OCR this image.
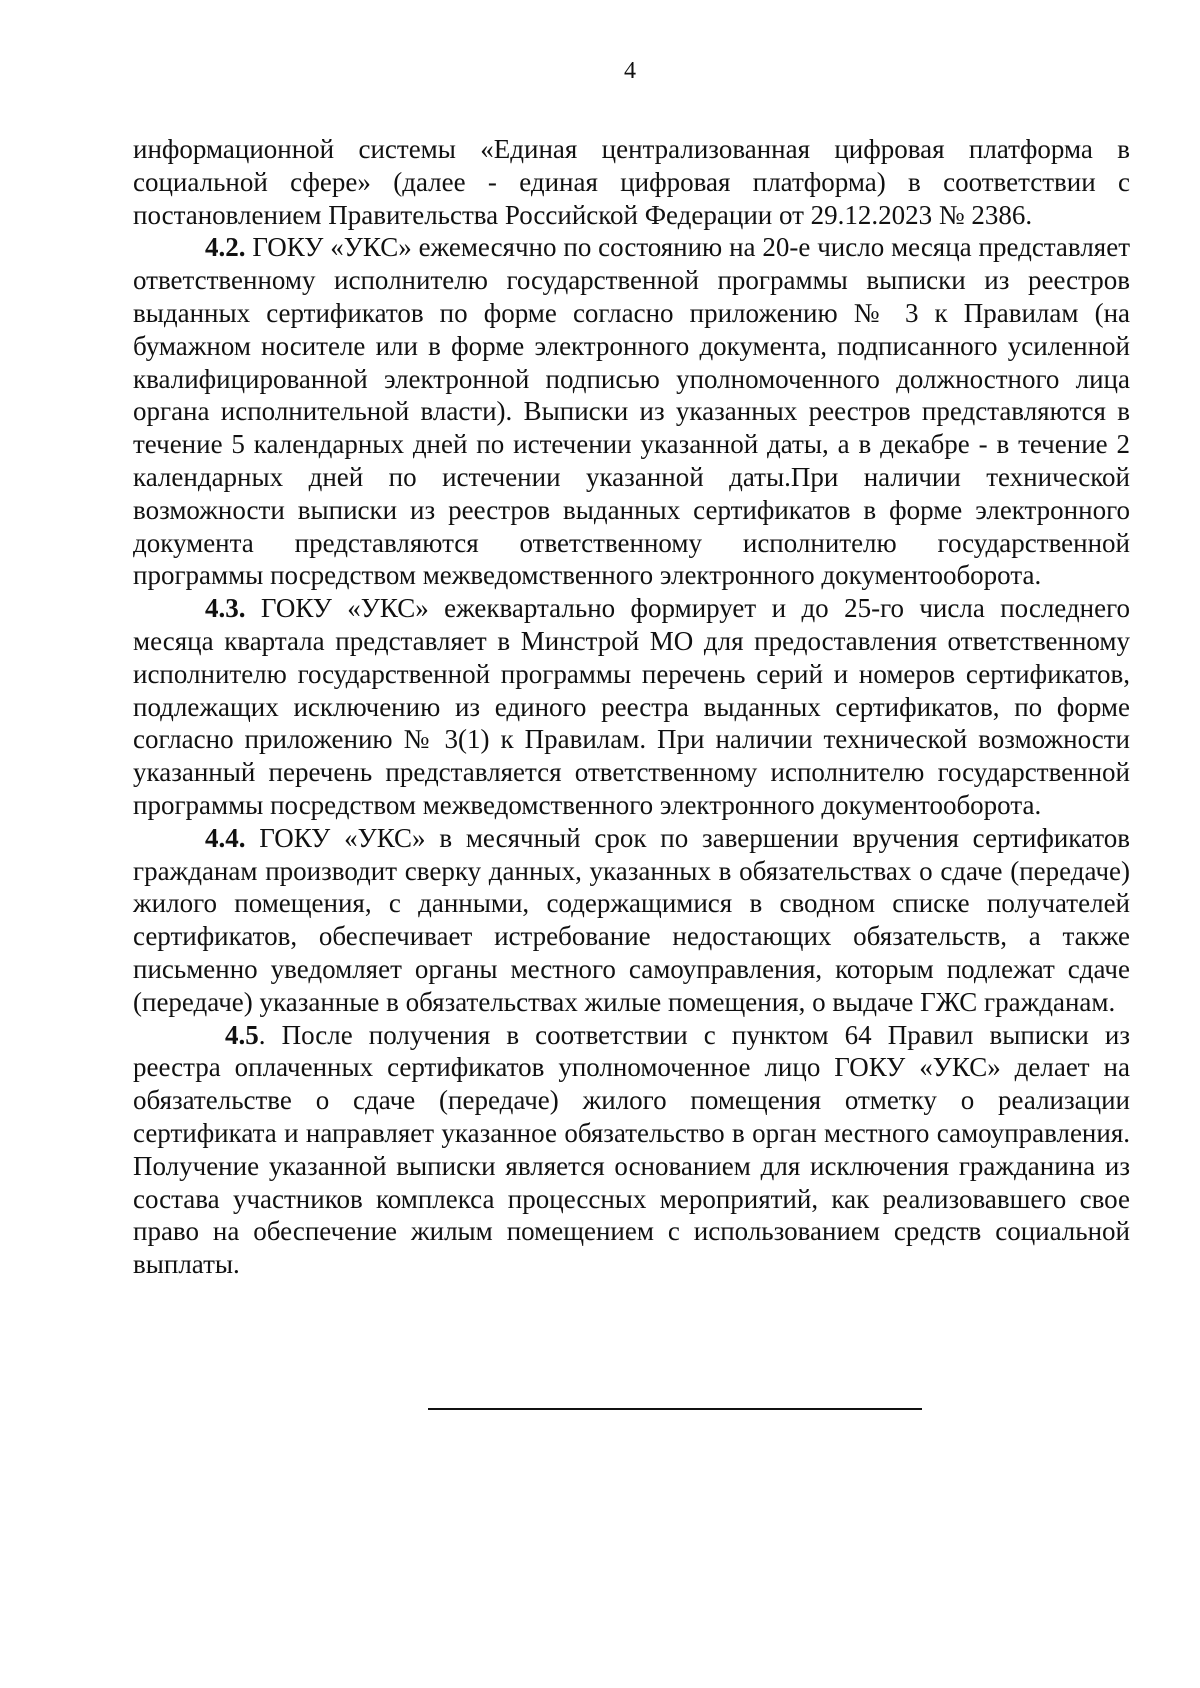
4

информационной системы «Единая централизованная цифровая платформа в социальной сфере» (далее - единая цифровая платформа) в соответствии с постановлением Правительства Российской Федерации от 29.12.2023 № 2386.

4.2. ГОКУ «УКС» ежемесячно по состоянию на 20-е число месяца представляет ответственному исполнителю государственной программы выписки из реестров выданных сертификатов по форме согласно приложению № 3 к Правилам (на бумажном носителе или в форме электронного документа, подписанного усиленной квалифицированной электронной подписью уполномоченного должностного лица органа исполнительной власти). Выписки из указанных реестров представляются в течение 5 календарных дней по истечении указанной даты, а в декабре - в течение 2 календарных дней по истечении указанной даты.При наличии технической возможности выписки из реестров выданных сертификатов в форме электронного документа представляются ответственному исполнителю государственной программы посредством межведомственного электронного документооборота.

4.3. ГОКУ «УКС» ежеквартально формирует и до 25-го числа последнего месяца квартала представляет в Минстрой МО для предоставления ответственному исполнителю государственной программы перечень серий и номеров сертификатов, подлежащих исключению из единого реестра выданных сертификатов, по форме согласно приложению № 3(1) к Правилам. При наличии технической возможности указанный перечень представляется ответственному исполнителю государственной программы посредством межведомственного электронного документооборота.

4.4. ГОКУ «УКС» в месячный срок по завершении вручения сертификатов гражданам производит сверку данных, указанных в обязательствах о сдаче (передаче) жилого помещения, с данными, содержащимися в сводном списке получателей сертификатов, обеспечивает истребование недостающих обязательств, а также письменно уведомляет органы местного самоуправления, которым подлежат сдаче (передаче) указанные в обязательствах жилые помещения, о выдаче ГЖС гражданам.

4.5. После получения в соответствии с пунктом 64 Правил выписки из реестра оплаченных сертификатов уполномоченное лицо ГОКУ «УКС» делает на обязательстве о сдаче (передаче) жилого помещения отметку о реализации сертификата и направляет указанное обязательство в орган местного самоуправления. Получение указанной выписки является основанием для исключения гражданина из состава участников комплекса процессных мероприятий, как реализовавшего свое право на обеспечение жилым помещением с использованием средств социальной выплаты.
